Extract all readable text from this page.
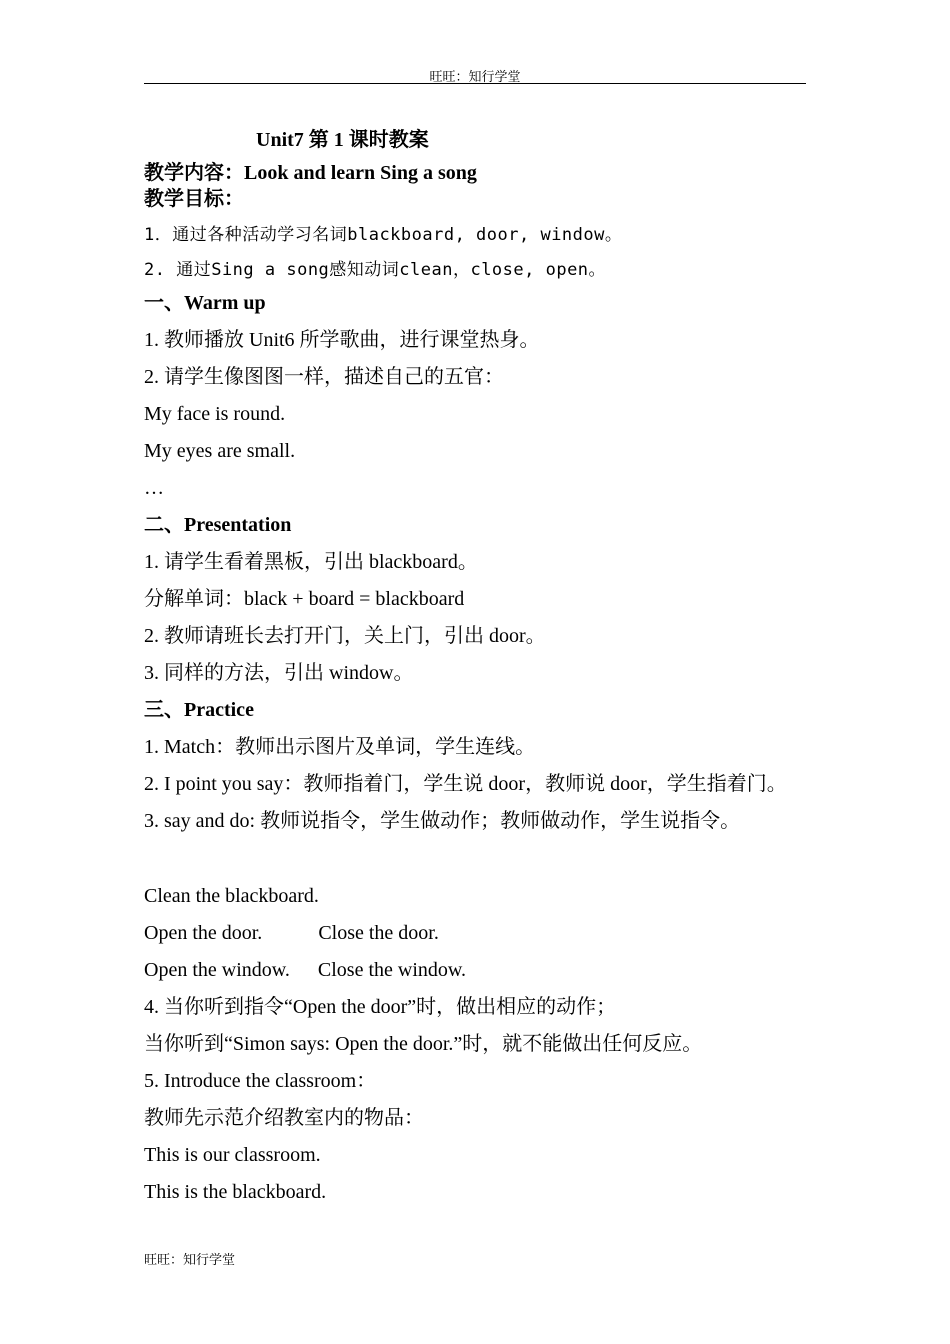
旺旺：知行学堂
Unit7 第 1 课时教案
教学内容：Look and learn Sing a song
教学目标：
1．通过各种活动学习名词blackboard, door, window。
2. 通过Sing a song感知动词clean，close, open。
一、Warm up
1. 教师播放 Unit6 所学歌曲，进行课堂热身。
2. 请学生像图图一样，描述自己的五官：
My face is round.
My eyes are small.
…
二、Presentation
1. 请学生看着黑板，引出 blackboard。
分解单词：black + board = blackboard
2. 教师请班长去打开门，关上门，引出 door。
3. 同样的方法，引出 window。
三、Practice
1. Match：教师出示图片及单词，学生连线。
2. I point you say：教师指着门，学生说 door，教师说 door，学生指着门。
3. say and do: 教师说指令，学生做动作；教师做动作，学生说指令。
Clean the blackboard.
Open the door.	Close the door.
Open the window. Close the window.
4. 当你听到指令“Open the door”时，做出相应的动作；
当你听到“Simon says: Open the door.”时，就不能做出任何反应。
5. Introduce the classroom：
教师先示范介绍教室内的物品：
This is our classroom.
This is the blackboard.
旺旺：知行学堂
